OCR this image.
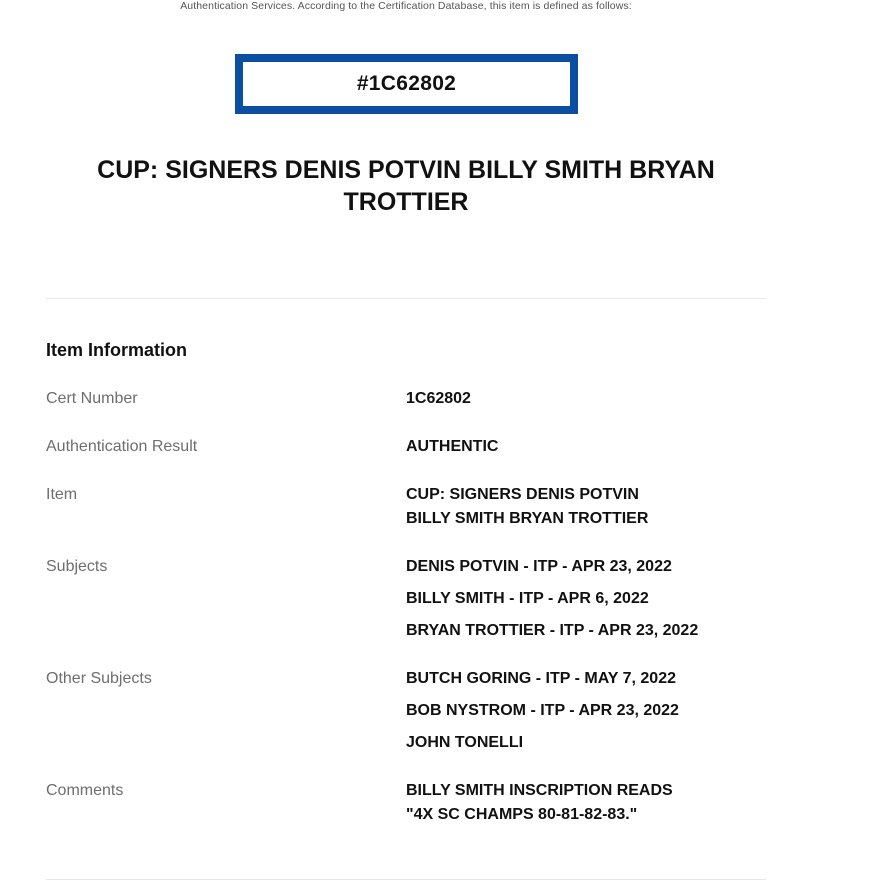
Authentication Services. According to the Certification Database, this item is defined as follows:
#1C62802
CUP: SIGNERS DENIS POTVIN BILLY SMITH BRYAN TROTTIER
Item Information
Cert Number	1C62802
Authentication Result	AUTHENTIC
Item	CUP: SIGNERS DENIS POTVIN
BILLY SMITH BRYAN TROTTIER
Subjects	DENIS POTVIN - ITP - APR 23, 2022
BILLY SMITH - ITP - APR 6, 2022
BRYAN TROTTIER - ITP - APR 23, 2022
Other Subjects	BUTCH GORING - ITP - MAY 7, 2022
BOB NYSTROM - ITP - APR 23, 2022
JOHN TONELLI
Comments	BILLY SMITH INSCRIPTION READS
"4X SC CHAMPS 80-81-82-83."
